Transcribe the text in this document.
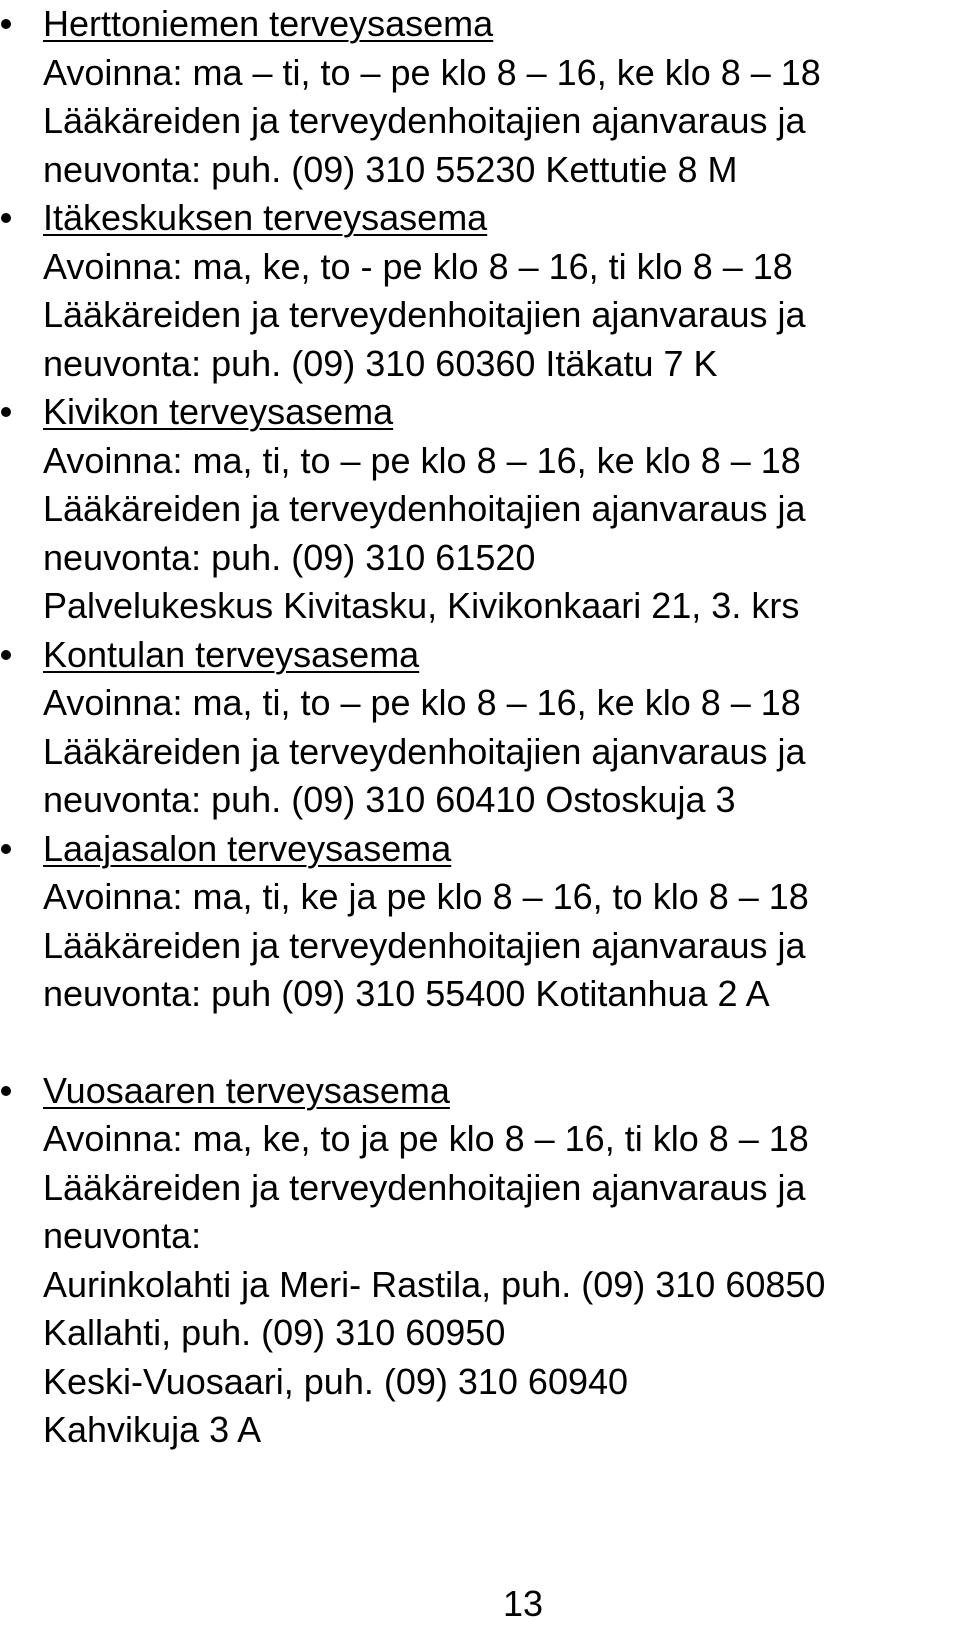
Herttoniemen terveysasema
Avoinna: ma – ti, to – pe klo 8 – 16, ke klo 8 – 18
Lääkäreiden ja terveydenhoitajien ajanvaraus ja
neuvonta: puh. (09) 310 55230 Kettutie 8 M
Itäkeskuksen terveysasema
Avoinna: ma, ke, to - pe klo 8 – 16, ti klo 8 – 18
Lääkäreiden ja terveydenhoitajien ajanvaraus ja
neuvonta: puh. (09) 310 60360 Itäkatu 7 K
Kivikon terveysasema
Avoinna: ma, ti, to – pe klo 8 – 16, ke klo 8 – 18
Lääkäreiden ja terveydenhoitajien ajanvaraus ja
neuvonta: puh. (09) 310 61520
Palvelukeskus Kivitasku, Kivikonkaari 21, 3. krs
Kontulan terveysasema
Avoinna: ma, ti, to – pe klo 8 – 16, ke klo 8 – 18
Lääkäreiden ja terveydenhoitajien ajanvaraus ja
neuvonta: puh. (09) 310 60410 Ostoskuja 3
Laajasalon terveysasema
Avoinna: ma, ti, ke ja pe klo 8 – 16, to klo 8 – 18
Lääkäreiden ja terveydenhoitajien ajanvaraus ja
neuvonta: puh (09) 310 55400 Kotitanhua 2 A
Vuosaaren terveysasema
Avoinna: ma, ke, to ja pe klo 8 – 16, ti klo 8 – 18
Lääkäreiden ja terveydenhoitajien ajanvaraus ja
neuvonta:
Aurinkolahti ja Meri- Rastila, puh. (09) 310 60850
Kallahti, puh. (09) 310 60950
Keski-Vuosaari, puh. (09) 310 60940
Kahvikuja 3 A
13
